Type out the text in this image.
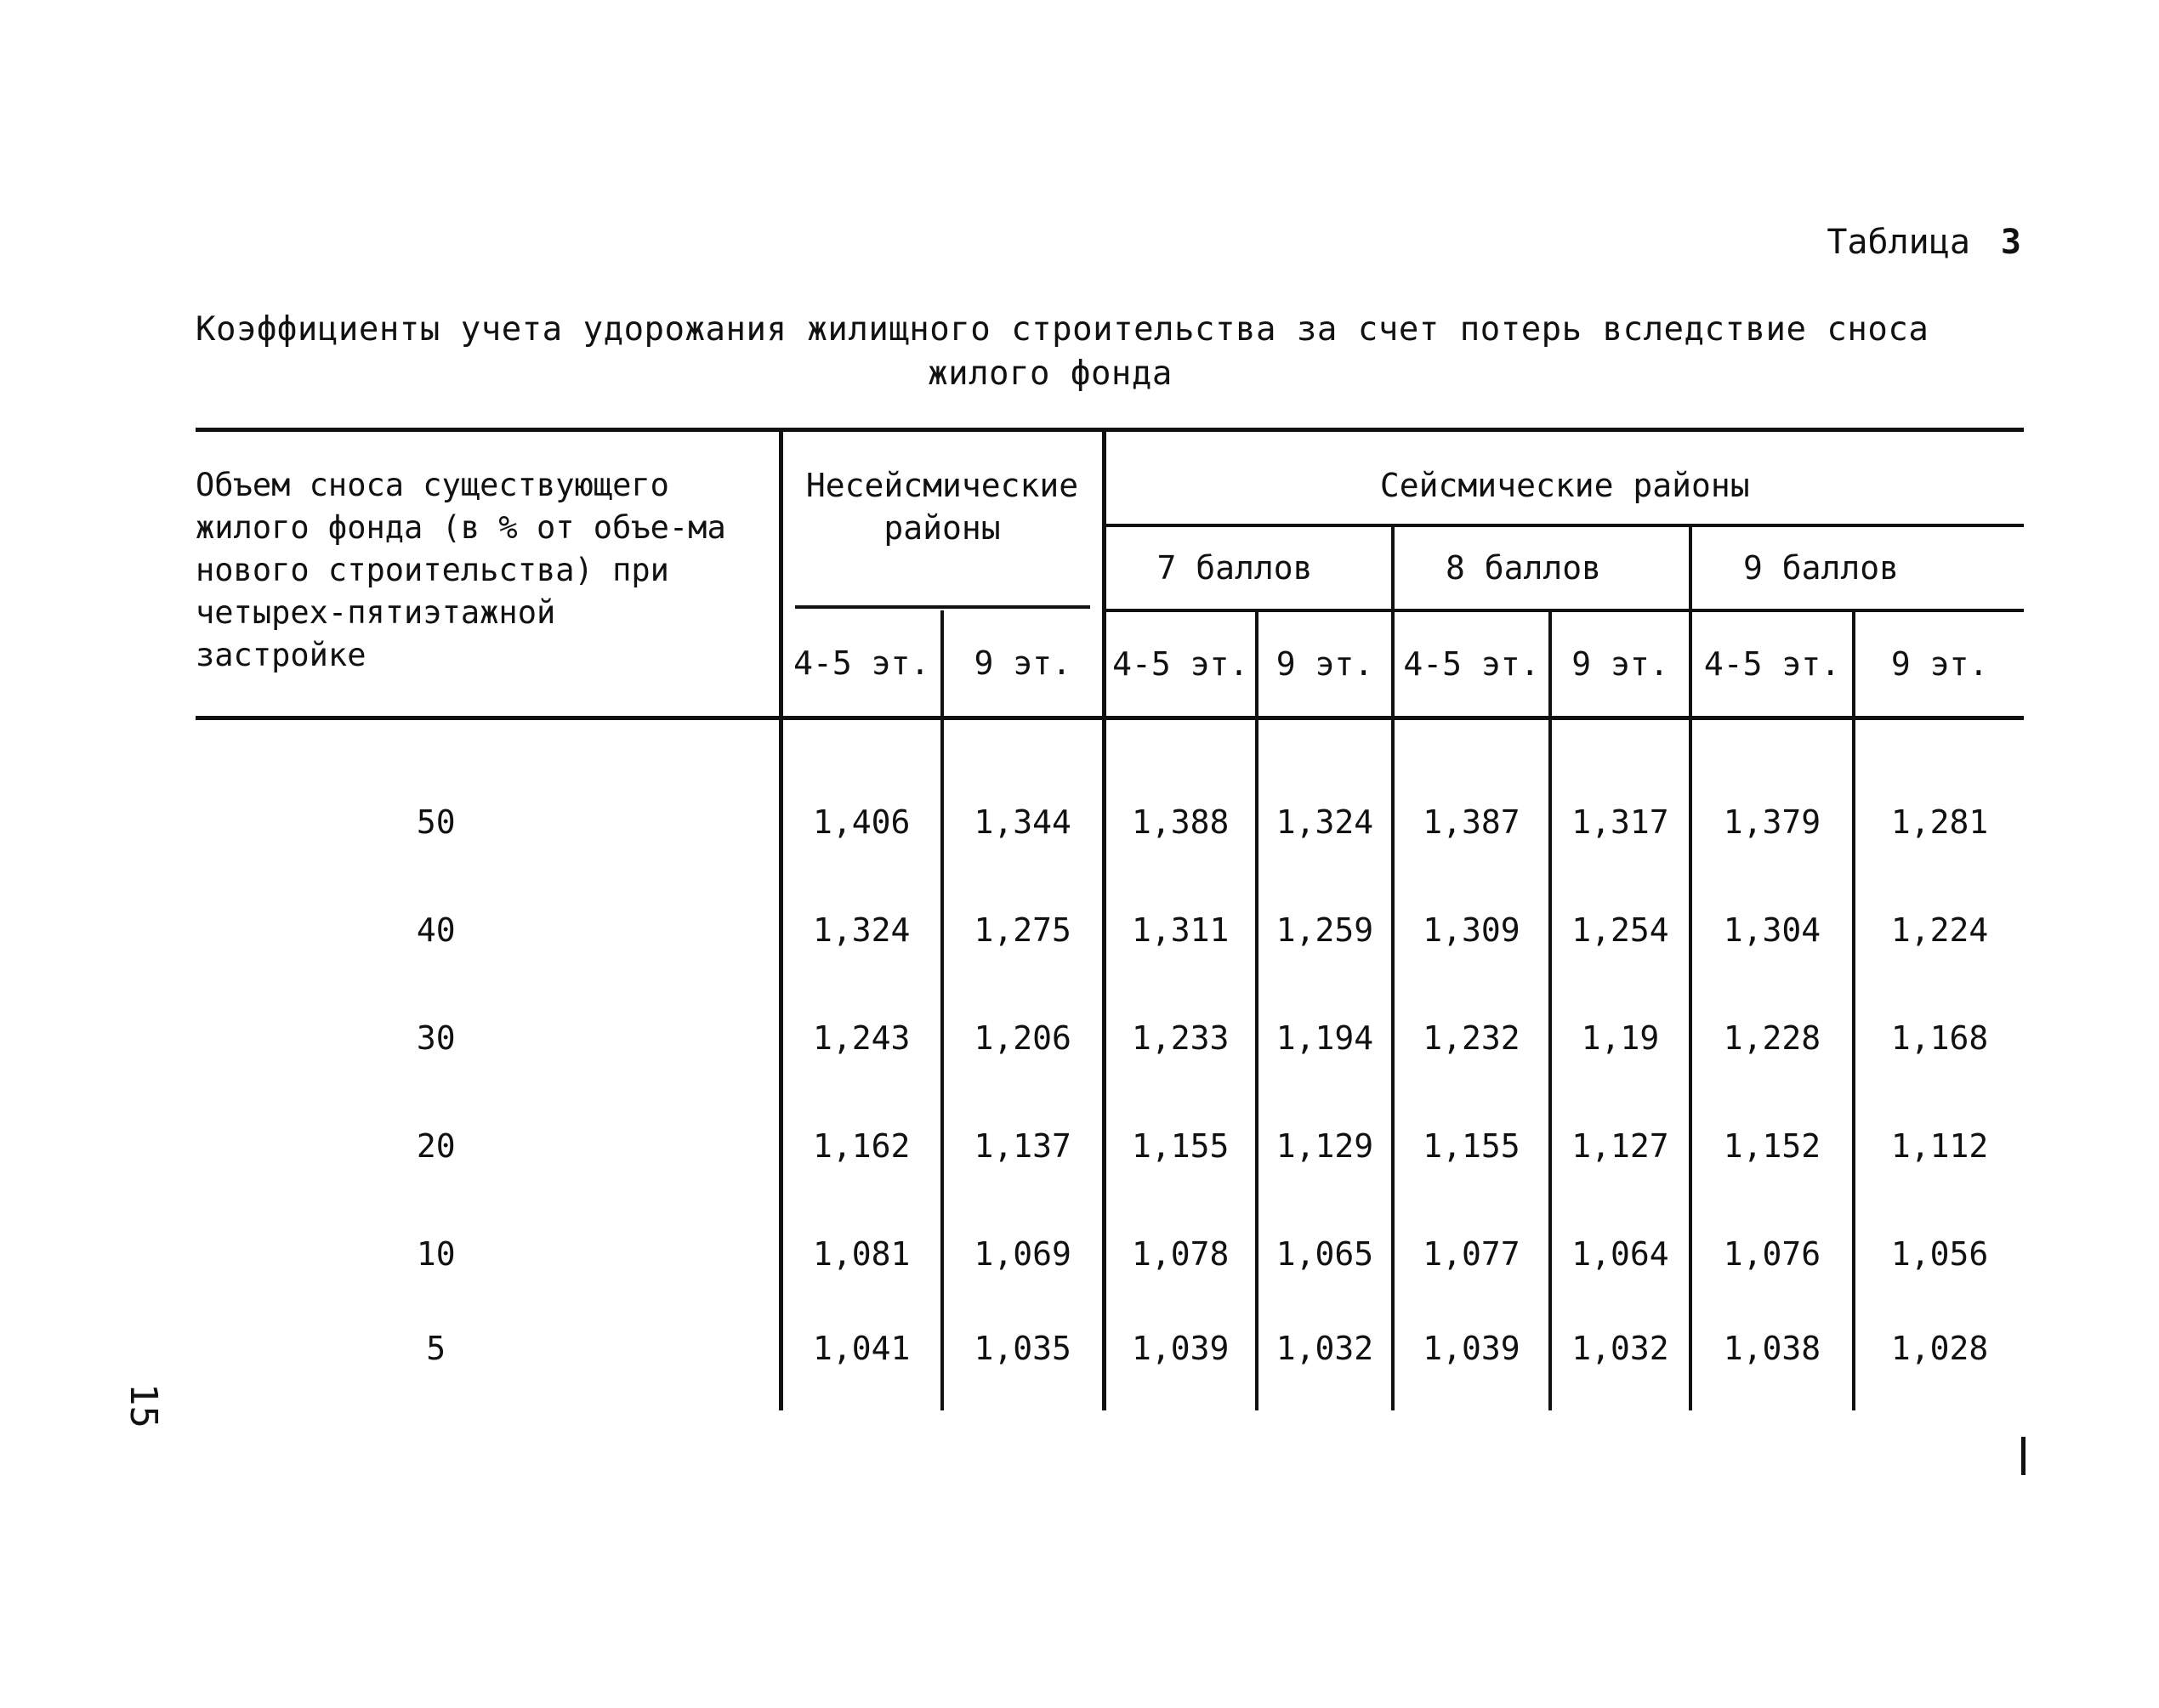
Таблица 3
Коэффициенты учета удорожания жилищного строительства за счет потерь вследствие сноса
жилого фонда
Объем сноса существующего жилого фонда (в % от объе-ма нового строительства) при четырех-пятиэтажной застройке	Несейсмические районы		Сейсмические районы					

			7 баллов		8 баллов		9 баллов	
	4-5 эт.	9 эт.	4-5 эт.	9 эт.	4-5 эт.	9 эт.	4-5 эт.	9 эт.

50	1,406	1,344	1,388	1,324	1,387	1,317	1,379	1,281
40	1,324	1,275	1,311	1,259	1,309	1,254	1,304	1,224
30	1,243	1,206	1,233	1,194	1,232	1,19	1,228	1,168
20	1,162	1,137	1,155	1,129	1,155	1,127	1,152	1,112
10	1,081	1,069	1,078	1,065	1,077	1,064	1,076	1,056
5	1,041	1,035	1,039	1,032	1,039	1,032	1,038	1,028
15
